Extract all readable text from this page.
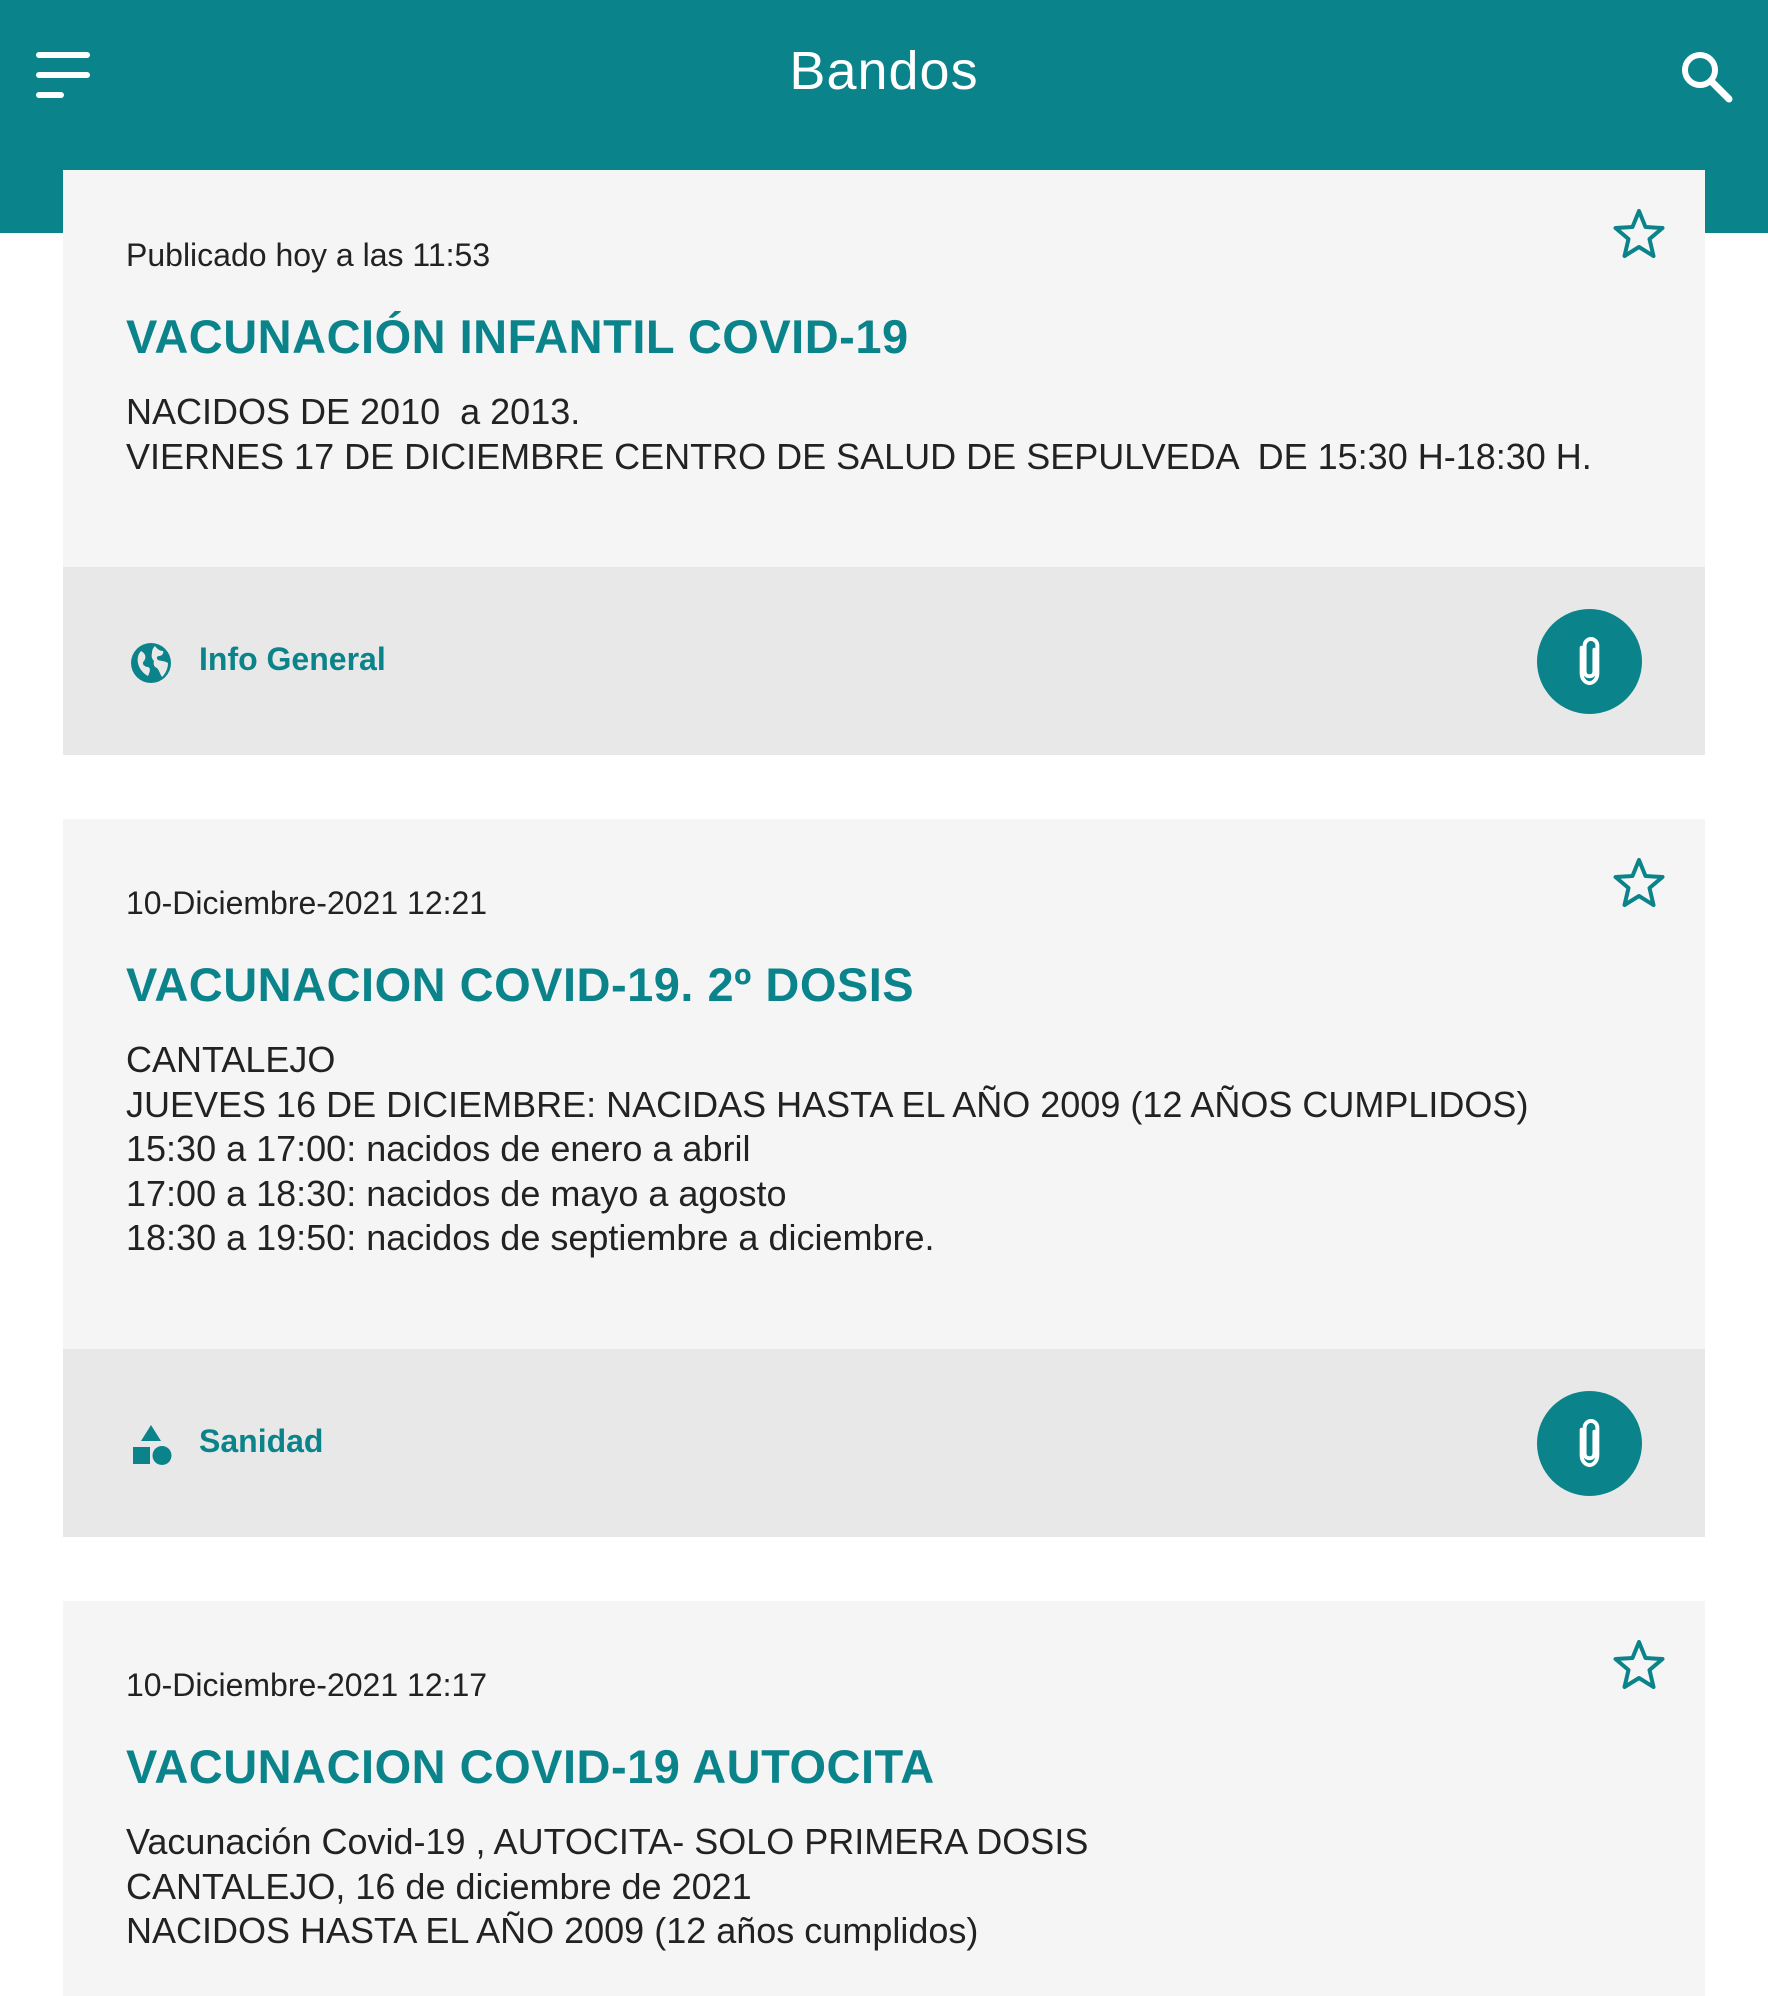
Bandos
Publicado hoy a las 11:53
VACUNACIÓN INFANTIL COVID-19
NACIDOS DE 2010  a 2013.
VIERNES 17 DE DICIEMBRE CENTRO DE SALUD DE SEPULVEDA  DE 15:30 H-18:30 H.
Info General
10-Diciembre-2021 12:21
VACUNACION COVID-19. 2º DOSIS
CANTALEJO
JUEVES 16 DE DICIEMBRE: NACIDAS HASTA EL AÑO 2009 (12 AÑOS CUMPLIDOS)
15:30 a 17:00: nacidos de enero a abril
17:00 a 18:30: nacidos de mayo a agosto
18:30 a 19:50: nacidos de septiembre a diciembre.
Sanidad
10-Diciembre-2021 12:17
VACUNACION COVID-19 AUTOCITA
Vacunación Covid-19 , AUTOCITA- SOLO PRIMERA DOSIS
CANTALEJO, 16 de diciembre de 2021
NACIDOS HASTA EL AÑO 2009 (12 años cumplidos)
